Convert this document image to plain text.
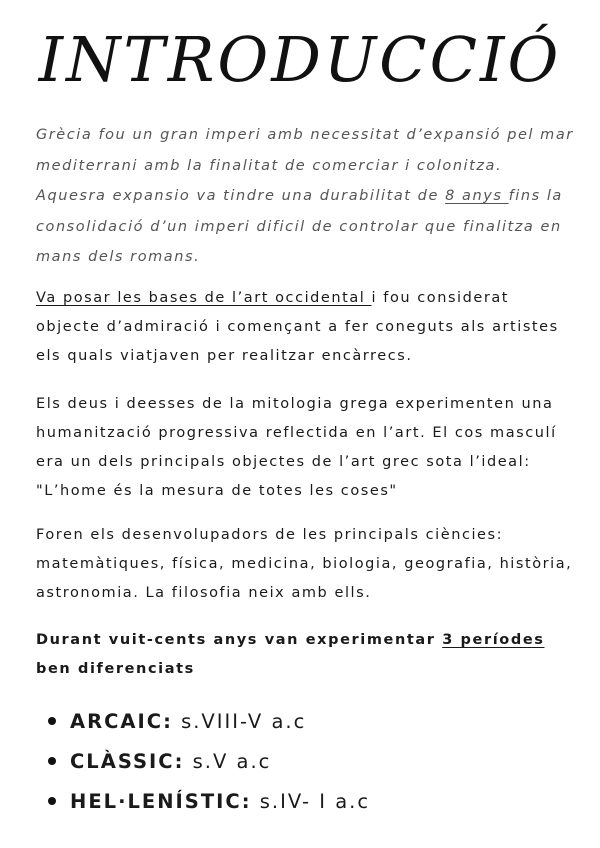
INTRODUCCIÓ
Grècia fou un gran imperi amb necessitat d’expansió pel mar mediterrani amb la finalitat de comerciar i colonitza. Aquesra expansio va tindre una durabilitat de 8 anys fins la consolidació d’un imperi dificil de controlar que finalitza en mans dels romans.
Va posar les bases de l’art occidental i fou considerat objecte d’admiració i començant a fer coneguts als artistes els quals viatjaven per realitzar encàrrecs.
Els deus i deesses de la mitologia grega experimenten una humanització progressiva reflectida en l’art. El cos masculí era un dels principals objectes de l’art grec sota l’ideal: "L’home és la mesura de totes les coses"
Foren els desenvolupadors de les principals ciències: matemàtiques, física, medicina, biologia, geografia, història, astronomia. La filosofia neix amb ells.
Durant vuit-cents anys van experimentar 3 períodes ben diferenciats
ARCAIC: s.VIII-V a.c
CLÀSSIC: s.V a.c
HEL·LENÍSTIC: s.IV- I a.c
